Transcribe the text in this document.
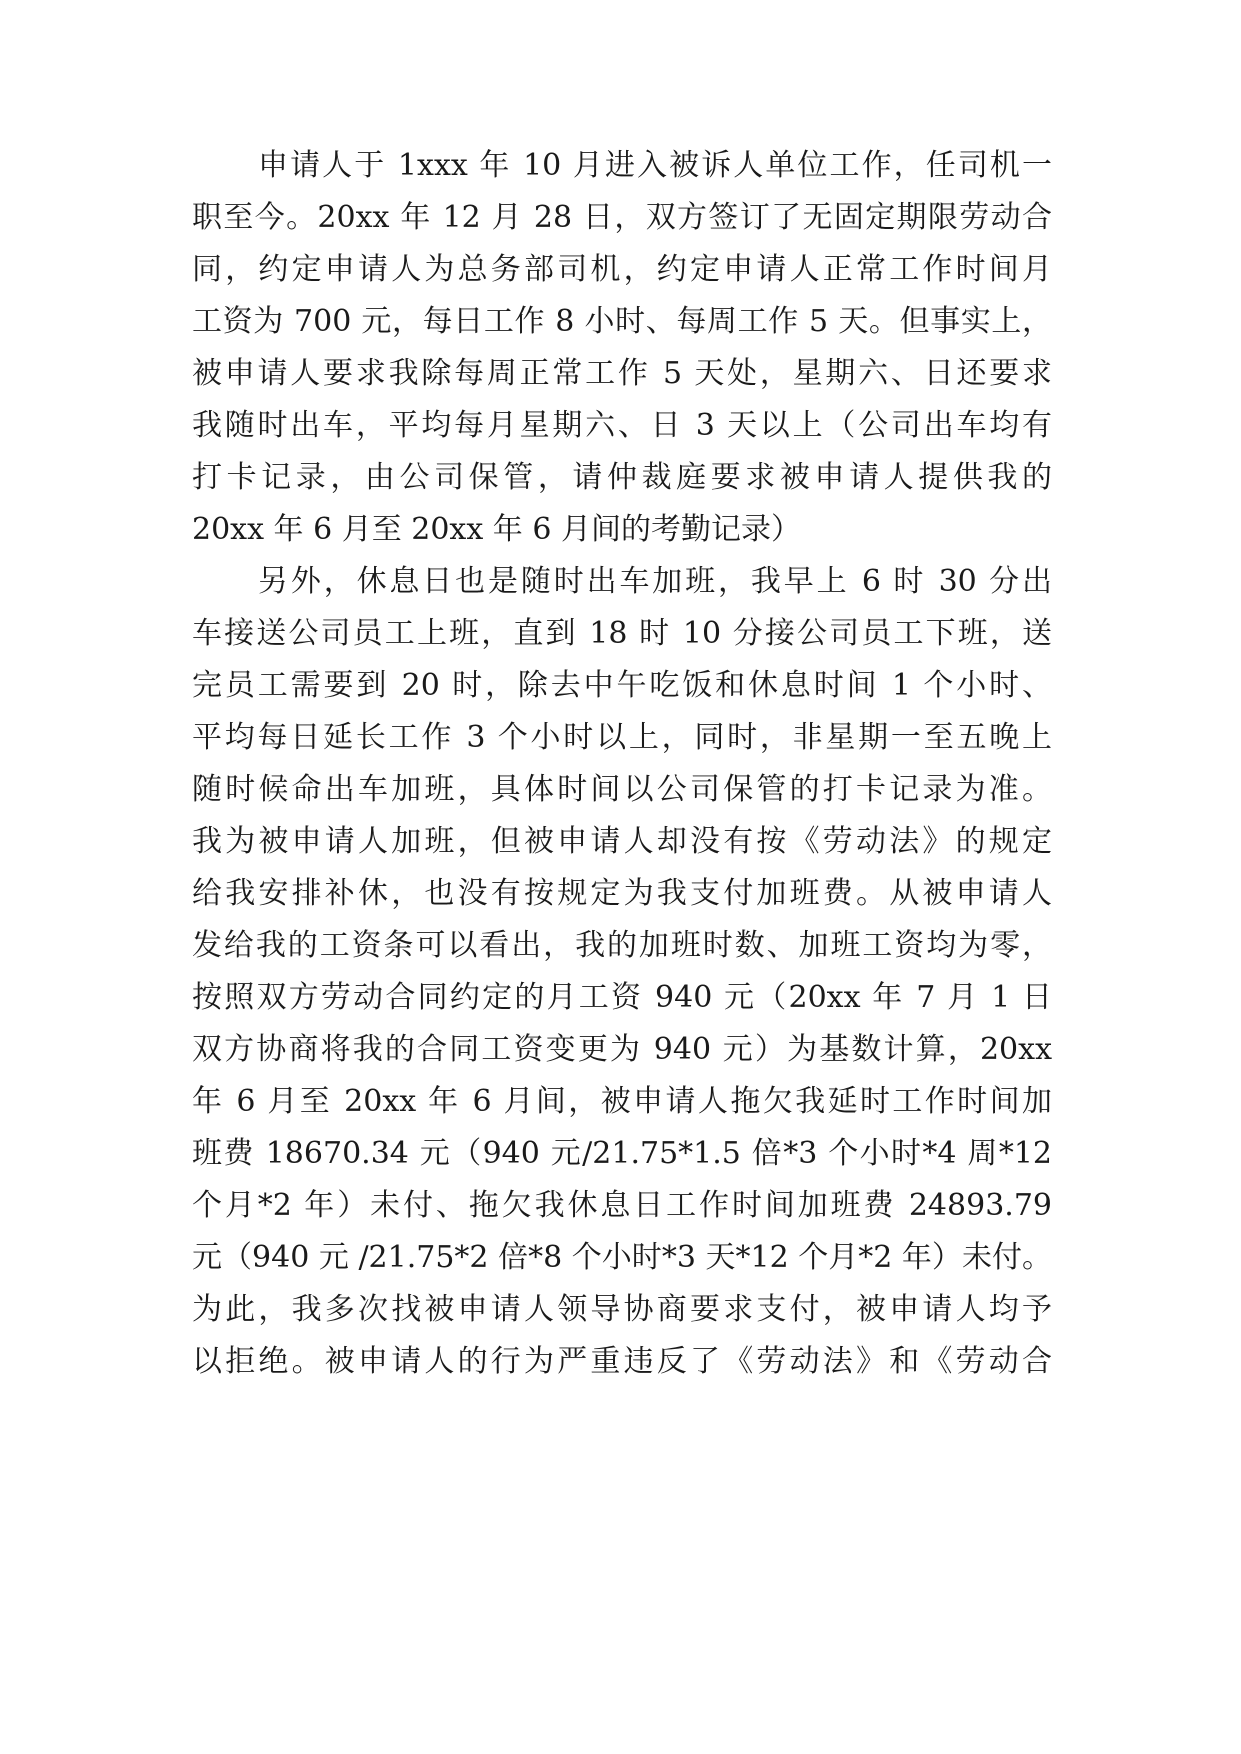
申请人于 1xxx 年 10 月进入被诉人单位工作，任司机一
职至今。20xx 年 12 月 28 日，双方签订了无固定期限劳动合
同，约定申请人为总务部司机，约定申请人正常工作时间月
工资为 700 元，每日工作 8 小时、每周工作 5 天。但事实上，
被申请人要求我除每周正常工作 5 天处，星期六、日还要求
我随时出车，平均每月星期六、日 3 天以上（公司出车均有
打卡记录，由公司保管，请仲裁庭要求被申请人提供我的
20xx 年 6 月至 20xx 年 6 月间的考勤记录）
另外，休息日也是随时出车加班，我早上 6 时 30 分出
车接送公司员工上班，直到 18 时 10 分接公司员工下班，送
完员工需要到 20 时，除去中午吃饭和休息时间 1 个小时、
平均每日延长工作 3 个小时以上，同时，非星期一至五晚上
随时候命出车加班，具体时间以公司保管的打卡记录为准。
我为被申请人加班，但被申请人却没有按《劳动法》的规定
给我安排补休，也没有按规定为我支付加班费。从被申请人
发给我的工资条可以看出，我的加班时数、加班工资均为零，
按照双方劳动合同约定的月工资 940 元（20xx 年 7 月 1 日
双方协商将我的合同工资变更为 940 元）为基数计算，20xx
年 6 月至 20xx 年 6 月间，被申请人拖欠我延时工作时间加
班费 18670.34 元（940 元/21.75*1.5 倍*3 个小时*4 周*12
个月*2 年）未付、拖欠我休息日工作时间加班费 24893.79
元（940 元 /21.75*2 倍*8 个小时*3 天*12 个月*2 年）未付。
为此，我多次找被申请人领导协商要求支付，被申请人均予
以拒绝。被申请人的行为严重违反了《劳动法》和《劳动合
